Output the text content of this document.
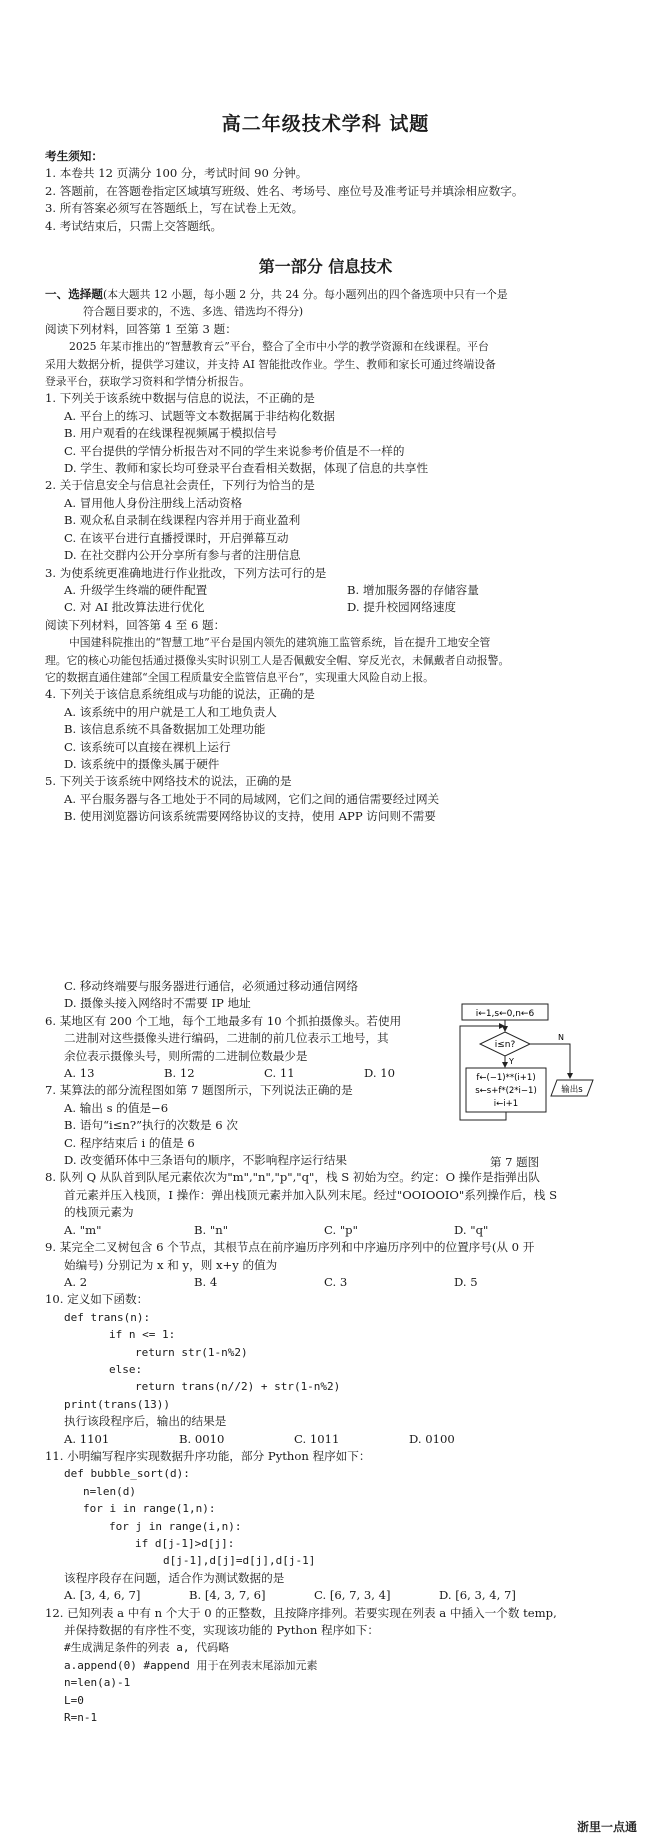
高二年级技术学科 试题
考生须知：
1. 本卷共 12 页满分 100 分，考试时间 90 分钟。
2. 答题前，在答题卷指定区域填写班级、姓名、考场号、座位号及准考证号并填涂相应数字。
3. 所有答案必须写在答题纸上，写在试卷上无效。
4. 考试结束后，只需上交答题纸。
第一部分 信息技术
一、选择题(本大题共 12 小题，每小题 2 分，共 24 分。每小题列出的四个备选项中只有一个是
符合题目要求的，不选、多选、错选均不得分)
阅读下列材料，回答第 1 至第 3 题：
2025 年某市推出的“智慧教育云”平台，整合了全市中小学的教学资源和在线课程。平台
采用大数据分析，提供学习建议，并支持 AI 智能批改作业。学生、教师和家长可通过终端设备
登录平台，获取学习资料和学情分析报告。
1. 下列关于该系统中数据与信息的说法，不正确的是
A. 平台上的练习、试题等文本数据属于非结构化数据
B. 用户观看的在线课程视频属于模拟信号
C. 平台提供的学情分析报告对不同的学生来说参考价值是不一样的
D. 学生、教师和家长均可登录平台查看相关数据，体现了信息的共享性
2. 关于信息安全与信息社会责任，下列行为恰当的是
A. 冒用他人身份注册线上活动资格
B. 观众私自录制在线课程内容并用于商业盈利
C. 在该平台进行直播授课时，开启弹幕互动
D. 在社交群内公开分享所有参与者的注册信息
3. 为使系统更准确地进行作业批改，下列方法可行的是
A. 升级学生终端的硬件配置	B. 增加服务器的存储容量
C. 对 AI 批改算法进行优化	D. 提升校园网络速度
阅读下列材料，回答第 4 至 6 题：
中国建科院推出的“智慧工地”平台是国内领先的建筑施工监管系统，旨在提升工地安全管
理。它的核心功能包括通过摄像头实时识别工人是否佩戴安全帽、穿反光衣，未佩戴者自动报警。
它的数据直通住建部“全国工程质量安全监管信息平台”，实现重大风险自动上报。
4. 下列关于该信息系统组成与功能的说法，正确的是
A. 该系统中的用户就是工人和工地负责人
B. 该信息系统不具备数据加工处理功能
C. 该系统可以直接在裸机上运行
D. 该系统中的摄像头属于硬件
5. 下列关于该系统中网络技术的说法，正确的是
A. 平台服务器与各工地处于不同的局域网，它们之间的通信需要经过网关
B. 使用浏览器访问该系统需要网络协议的支持，使用 APP 访问则不需要
C. 移动终端要与服务器进行通信，必须通过移动通信网络
D. 摄像头接入网络时不需要 IP 地址
6. 某地区有 200 个工地，每个工地最多有 10 个抓拍摄像头。若使用
二进制对这些摄像头进行编码，二进制的前几位表示工地号，其
余位表示摄像头号，则所需的二进制位数最少是
A. 13	B. 12	C. 11	D. 10
7. 某算法的部分流程图如第 7 题图所示，下列说法正确的是
A. 输出 s 的值是−6
B. 语句“i≤n?”执行的次数是 6 次
C. 程序结束后 i 的值是 6
D. 改变循环体中三条语句的顺序，不影响程序运行结果
8. 队列 Q 从队首到队尾元素依次为"m","n","p","q"，栈 S 初始为空。约定：O 操作是指弹出队
首元素并压入栈顶，I 操作：弹出栈顶元素并加入队列末尾。经过"OOIOOIO"系列操作后，栈 S
的栈顶元素为
A. "m"	B. "n"	C. "p"	D. "q"
9. 某完全二叉树包含 6 个节点，其根节点在前序遍历序列和中序遍历序列中的位置序号(从 0 开
始编号) 分别记为 x 和 y，则 x+y 的值为
A. 2	B. 4	C. 3	D. 5
10. 定义如下函数：
def trans(n):
if n <= 1:
return str(1-n%2)
else:
return trans(n//2) + str(1-n%2)
print(trans(13))
执行该段程序后，输出的结果是
A. 1101	B. 0010	C. 1011	D. 0100
11. 小明编写程序实现数据升序功能，部分 Python 程序如下：
def bubble_sort(d):
n=len(d)
for i in range(1,n):
for j in range(i,n):
if d[j-1]>d[j]:
d[j-1],d[j]=d[j],d[j-1]
该程序段存在问题，适合作为测试数据的是
A. [3, 4, 6, 7]	B. [4, 3, 7, 6]	C. [6, 7, 3, 4]	D. [6, 3, 4, 7]
12. 已知列表 a 中有 n 个大于 0 的正整数，且按降序排列。若要实现在列表 a 中插入一个数 temp,
并保持数据的有序性不变，实现该功能的 Python 程序如下：
#生成满足条件的列表 a, 代码略
a.append(0) #append 用于在列表末尾添加元素
n=len(a)-1
L=0
R=n-1
i←1,s←0,n←6
i≤n?
N
Y
f←(−1)**(i+1)
s←s+f*(2*i−1)
i←i+1
输出s
第 7 题图
浙里一点通
